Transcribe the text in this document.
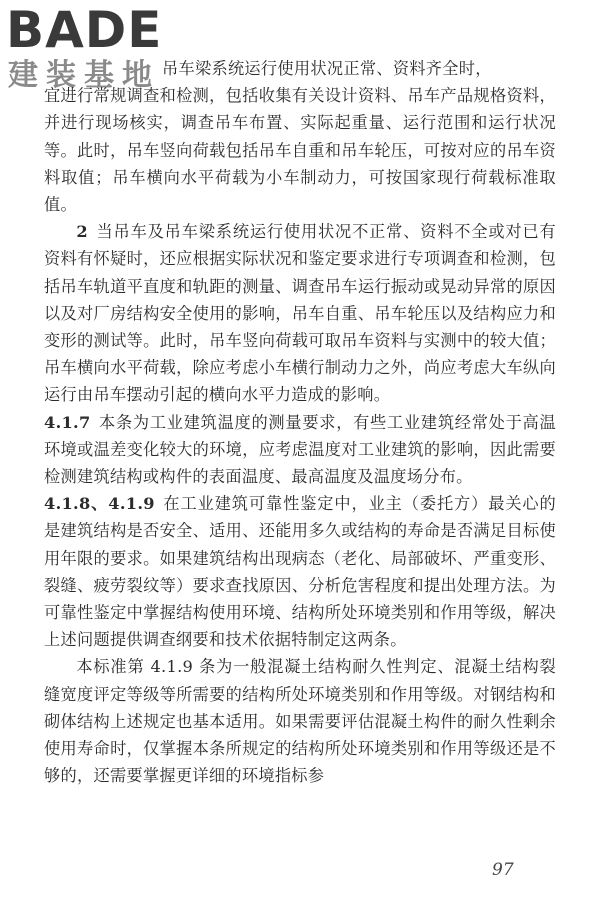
BADE
建装基地 吊车梁系统运行使用状况正常、资料齐全时，

宜进行常规调查和检测，包括收集有关设计资料、吊车产品规格资料，并进行现场核实，调查吊车布置、实际起重量、运行范围和运行状况等。此时，吊车竖向荷载包括吊车自重和吊车轮压，可按对应的吊车资料取值；吊车横向水平荷载为小车制动力，可按国家现行荷载标准取值。

2 当吊车及吊车梁系统运行使用状况不正常、资料不全或对已有资料有怀疑时，还应根据实际状况和鉴定要求进行专项调查和检测，包括吊车轨道平直度和轨距的测量、调查吊车运行振动或晃动异常的原因以及对厂房结构安全使用的影响，吊车自重、吊车轮压以及结构应力和变形的测试等。此时，吊车竖向荷载可取吊车资料与实测中的较大值；吊车横向水平荷载，除应考虑小车横行制动力之外，尚应考虑大车纵向运行由吊车摆动引起的横向水平力造成的影响。

4.1.7 本条为工业建筑温度的测量要求，有些工业建筑经常处于高温环境或温差变化较大的环境，应考虑温度对工业建筑的影响，因此需要检测建筑结构或构件的表面温度、最高温度及温度场分布。

4.1.8、4.1.9 在工业建筑可靠性鉴定中，业主（委托方）最关心的是建筑结构是否安全、适用、还能用多久或结构的寿命是否满足目标使用年限的要求。如果建筑结构出现病态（老化、局部破坏、严重变形、裂缝、疲劳裂纹等）要求查找原因、分析危害程度和提出处理方法。为可靠性鉴定中掌握结构使用环境、结构所处环境类别和作用等级，解决上述问题提供调查纲要和技术依据特制定这两条。

本标准第 4.1.9 条为一般混凝土结构耐久性判定、混凝土结构裂缝宽度评定等级等所需要的结构所处环境类别和作用等级。对钢结构和砌体结构上述规定也基本适用。如果需要评估混凝土构件的耐久性剩余使用寿命时，仅掌握本条所规定的结构所处环境类别和作用等级还是不够的，还需要掌握更详细的环境指标参

97
